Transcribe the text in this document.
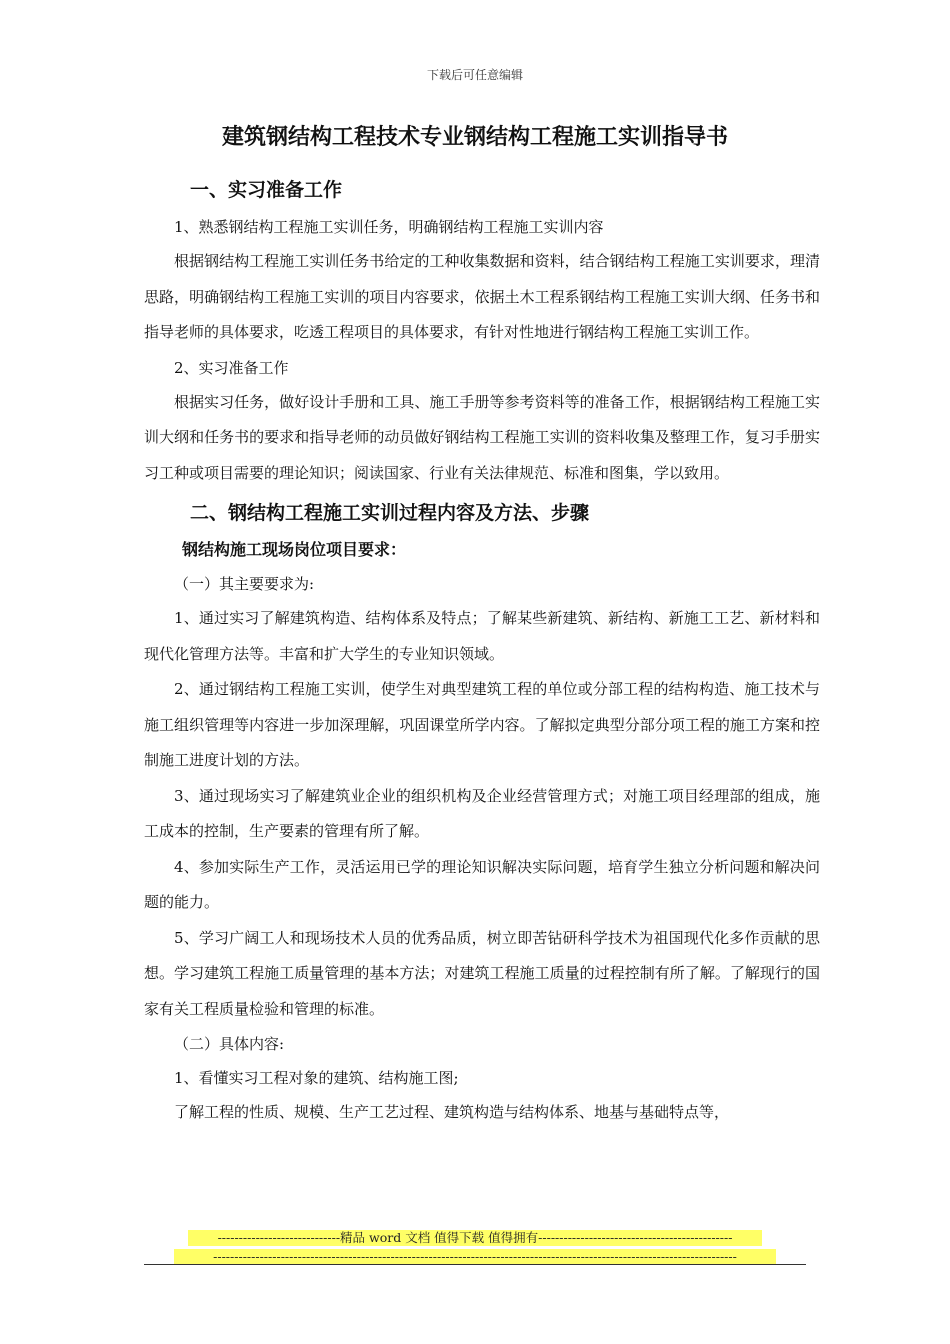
下载后可任意编辑
建筑钢结构工程技术专业钢结构工程施工实训指导书
一、实习准备工作

1、熟悉钢结构工程施工实训任务，明确钢结构工程施工实训内容

根据钢结构工程施工实训任务书给定的工种收集数据和资料，结合钢结构工程施工实训要求，理清思路，明确钢结构工程施工实训的项目内容要求，依据土木工程系钢结构工程施工实训大纲、任务书和指导老师的具体要求，吃透工程项目的具体要求，有针对性地进行钢结构工程施工实训工作。

2、实习准备工作

根据实习任务，做好设计手册和工具、施工手册等参考资料等的准备工作，根据钢结构工程施工实训大纲和任务书的要求和指导老师的动员做好钢结构工程施工实训的资料收集及整理工作，复习手册实习工种或项目需要的理论知识；阅读国家、行业有关法律规范、标准和图集，学以致用。

二、钢结构工程施工实训过程内容及方法、步骤
钢结构施工现场岗位项目要求：

（一）其主要要求为:

1、通过实习了解建筑构造、结构体系及特点；了解某些新建筑、新结构、新施工工艺、新材料和现代化管理方法等。丰富和扩大学生的专业知识领域。

2、通过钢结构工程施工实训，使学生对典型建筑工程的单位或分部工程的结构构造、施工技术与施工组织管理等内容进一步加深理解，巩固课堂所学内容。了解拟定典型分部分项工程的施工方案和控制施工进度计划的方法。

3、通过现场实习了解建筑业企业的组织机构及企业经营管理方式；对施工项目经理部的组成，施工成本的控制，生产要素的管理有所了解。

4、参加实际生产工作，灵活运用已学的理论知识解决实际问题，培育学生独立分析问题和解决问题的能力。

5、学习广阔工人和现场技术人员的优秀品质，树立即苦钻研科学技术为祖国现代化多作贡献的思想。学习建筑工程施工质量管理的基本方法；对建筑工程施工质量的过程控制有所了解。了解现行的国家有关工程质量检验和管理的标准。

（二）具体内容:

1、看懂实习工程对象的建筑、结构施工图;

了解工程的性质、规模、生产工艺过程、建筑构造与结构体系、地基与基础特点等，

-----------------------------精品 word 文档 值得下载 值得拥有----------------------------------------------
----------------------------------------------------------------------------------------------------------------------------
